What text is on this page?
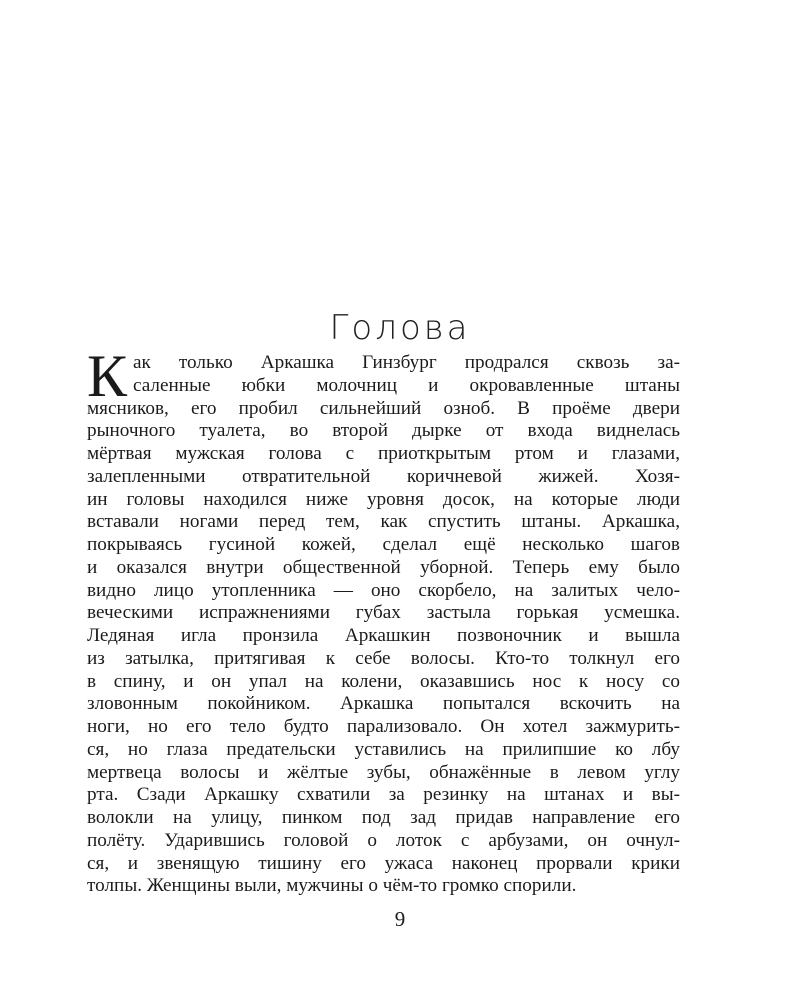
Голова
К ак только Аркашка Гинзбург продрался сквозь за-
саленные юбки молочниц и окровавленные штаны
мясников, его пробил сильнейший озноб. В проёме двери
рыночного туалета, во второй дырке от входа виднелась
мёртвая мужская голова с приоткрытым ртом и глазами,
залепленными отвратительной коричневой жижей. Хозя-
ин головы находился ниже уровня досок, на которые люди
вставали ногами перед тем, как спустить штаны. Аркашка,
покрываясь гусиной кожей, сделал ещё несколько шагов
и оказался внутри общественной уборной. Теперь ему было
видно лицо утопленника — оно скорбело, на залитых чело-
веческими испражнениями губах застыла горькая усмешка.
Ледяная игла пронзила Аркашкин позвоночник и вышла
из затылка, притягивая к себе волосы. Кто-то толкнул его
в спину, и он упал на колени, оказавшись нос к носу со
зловонным покойником. Аркашка попытался вскочить на
ноги, но его тело будто парализовало. Он хотел зажмурить-
ся, но глаза предательски уставились на прилипшие ко лбу
мертвеца волосы и жёлтые зубы, обнажённые в левом углу
рта. Сзади Аркашку схватили за резинку на штанах и вы-
волокли на улицу, пинком под зад придав направление его
полёту. Ударившись головой о лоток с арбузами, он очнул-
ся, и звенящую тишину его ужаса наконец прорвали крики
толпы. Женщины выли, мужчины о чём-то громко спорили.
9
